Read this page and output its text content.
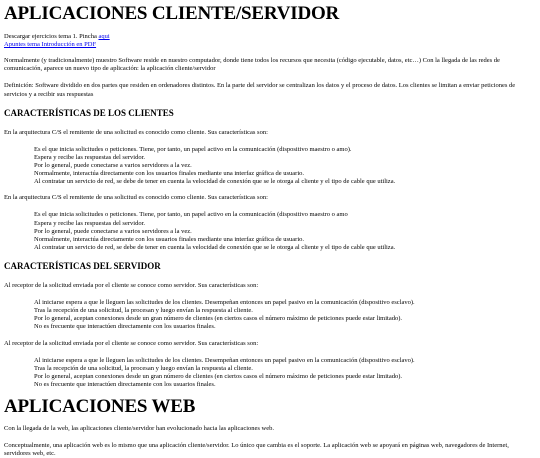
APLICACIONES CLIENTE/SERVIDOR
Descargar ejercicios tema 1. Pincha aqui
Apuntes tema Introducción en PDF

Normalmente (y tradicionalmente) muestro Software reside en nuestro computador, donde tiene todos los recursos que necesita (código ejecutable, datos, etc…) Con la llegada de las redes de comunicación, aparece un nuevo tipo de aplicación: la aplicación cliente/servidor

Definición: Software dividido en dos partes que residen en ordenadores distintos. En la parte del servidor se centralizan los datos y el proceso de datos. Los clientes se limitan a enviar peticiones de servicios y a recibir sus respuestas

CARACTERÍSTICAS DE LOS CLIENTES

En la arquitectura C/S el remitente de una solicitud es conocido como cliente. Sus características son:

Es el que inicia solicitudes o peticiones. Tiene, por tanto, un papel activo en la comunicación (dispositivo maestro o amo).
Espera y recibe las respuestas del servidor.
Por lo general, puede conectarse a varios servidores a la vez.
Normalmente, interactúa directamente con los usuarios finales mediante una interfaz gráfica de usuario.
Al contratar un servicio de red, se debe de tener en cuenta la velocidad de conexión que se le otorga al cliente y el tipo de cable que utiliza.

En la arquitectura C/S el remitente de una solicitud es conocido como cliente. Sus características son:

Es el que inicia solicitudes o peticiones. Tiene, por tanto, un papel activo en la comunicación (dispositivo maestro o amo
Espera y recibe las respuestas del servidor.
Por lo general, puede conectarse a varios servidores a la vez.
Normalmente, interactúa directamente con los usuarios finales mediante una interfaz gráfica de usuario.
Al contratar un servicio de red, se debe de tener en cuenta la velocidad de conexión que se le otorga al cliente y el tipo de cable que utiliza.
CARACTERÍSTICAS DEL SERVIDOR

Al receptor de la solicitud enviada por el cliente se conoce como servidor. Sus características son:

Al iniciarse espera a que le lleguen las solicitudes de los clientes. Desempeñan entonces un papel pasivo en la comunicación (dispositivo esclavo).
Tras la recepción de una solicitud, la procesan y luego envían la respuesta al cliente.
Por lo general, aceptan conexiones desde un gran número de clientes (en ciertos casos el número máximo de peticiones puede estar limitado).
No es frecuente que interactúen directamente con los usuarios finales.

Al receptor de la solicitud enviada por el cliente se conoce como servidor. Sus características son:

Al iniciarse espera a que le lleguen las solicitudes de los clientes. Desempeñan entonces un papel pasivo en la comunicación (dispositivo esclavo).
Tras la recepción de una solicitud, la procesan y luego envían la respuesta al cliente.
Por lo general, aceptan conexiones desde un gran número de clientes (en ciertos casos el número máximo de peticiones puede estar limitado).
No es frecuente que interactúen directamente con los usuarios finales.
APLICACIONES WEB

Con la llegada de la web, las aplicaciones cliente/servidor han evolucionado hacia las aplicaciones web.

Conceptualmente, una aplicación web es lo mismo que una aplicación cliente/servidor. Lo único que cambia es el soporte. La aplicación web se apoyará en páginas web, navegadores de Internet, servidores web, etc.
